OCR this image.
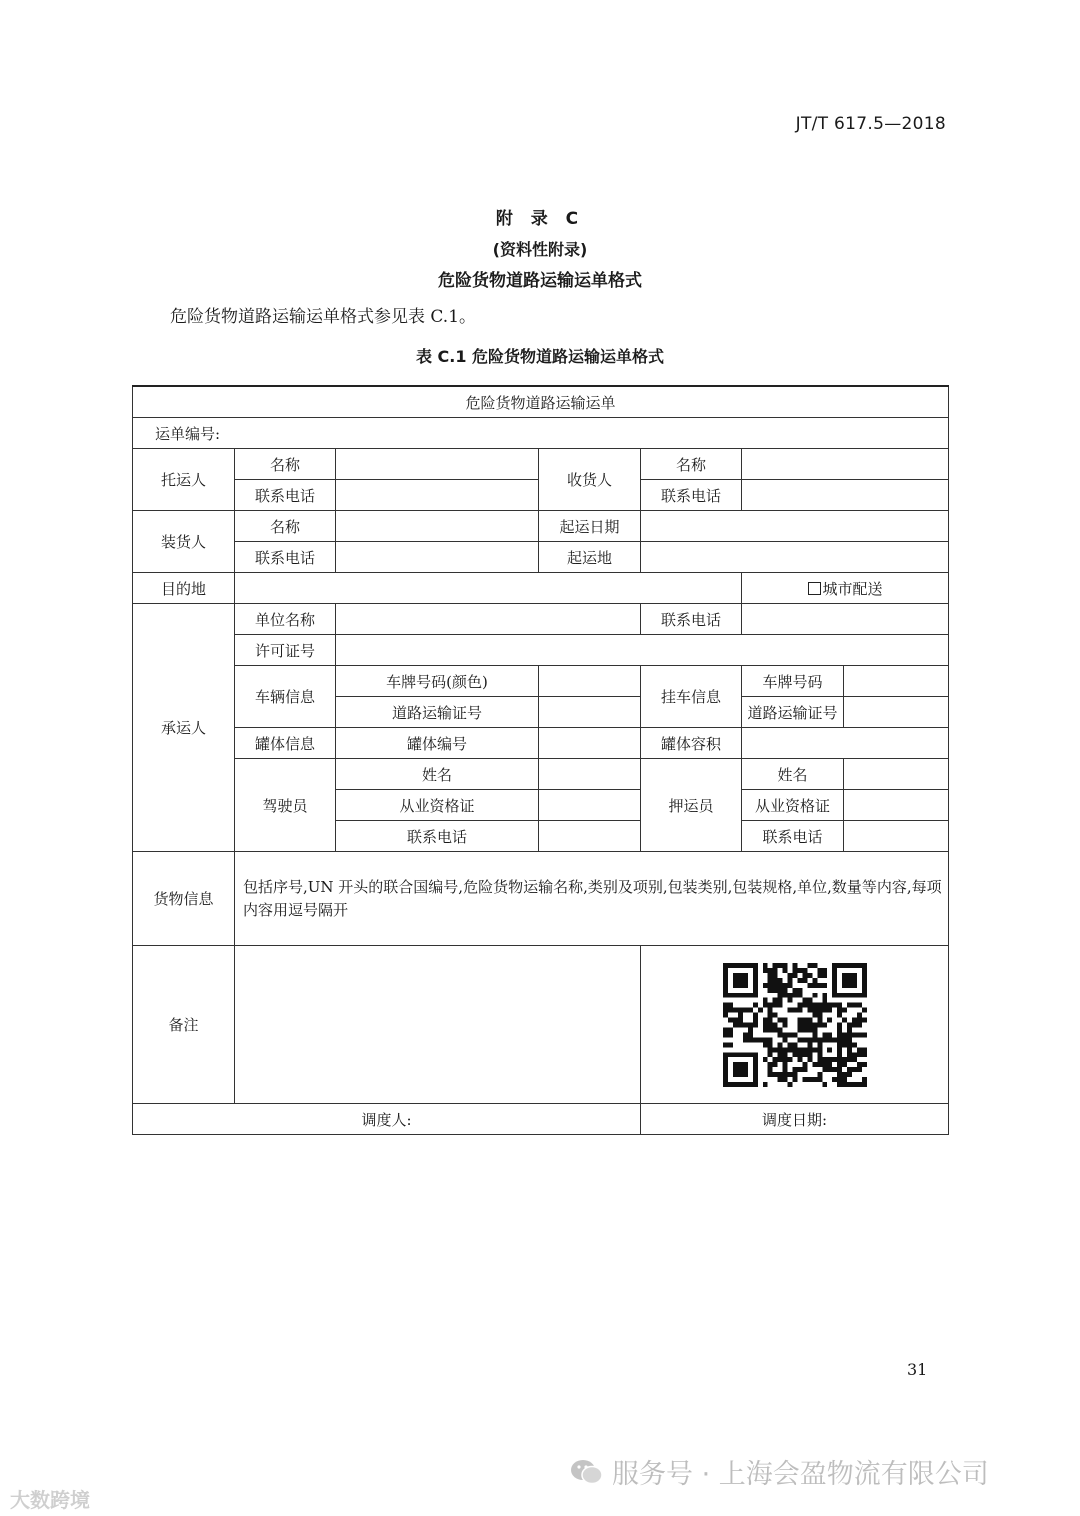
JT/T 617.5—2018
附 录 C
(资料性附录)
危险货物道路运输运单格式
危险货物道路运输运单格式参见表 C.1。
表 C.1 危险货物道路运输运单格式
危险货物道路运输运单						
运单编号:						
托运人	名称		收货人	名称		
	联系电话			联系电话		
装货人	名称		起运日期			
	联系电话		起运地			
目的地					城市配送	
承运人	单位名称			联系电话		
	许可证号					
	车辆信息	车牌号码(颜色)		挂车信息	车牌号码	
		道路运输证号			道路运输证号	
	罐体信息	罐体编号		罐体容积		
	驾驶员	姓名		押运员	姓名	
		从业资格证			从业资格证	
		联系电话			联系电话	
货物信息	包括序号,UN 开头的联合国编号,危险货物运输名称,类别及项别,包装类别,包装规格,单位,数量等内容,每项内容用逗号隔开					
备注		

调度人:				调度日期:		
31
大数跨境
服务号 · 上海会盈物流有限公司
